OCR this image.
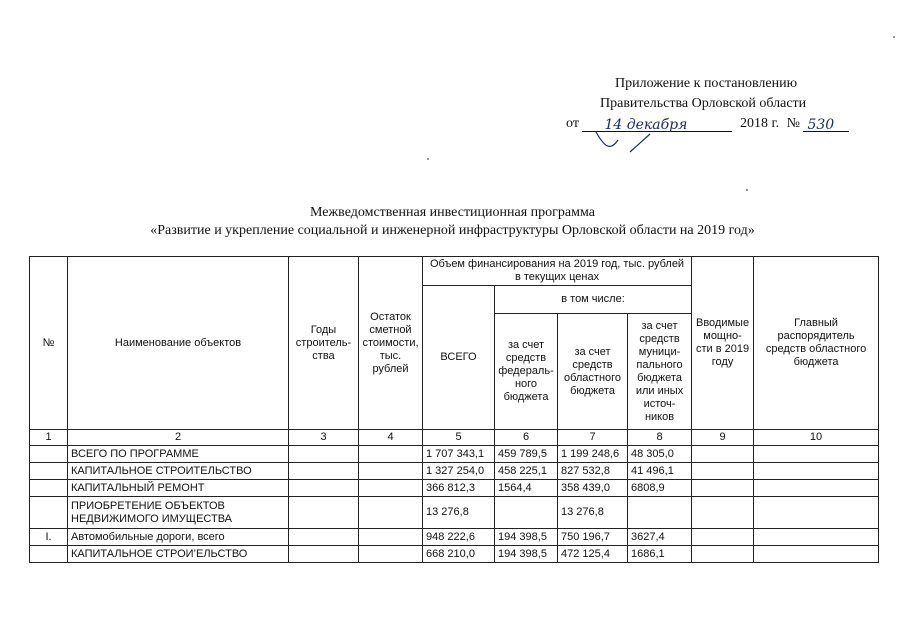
Приложение к постановлению
Правительства Орловской области
от 14 декабря	2018 г. № 530
Межведомственная инвестиционная программа
«Развитие и укрепление социальной и инженерной инфраструктуры Орловской области на 2019 год»
№	Наименование объектов	Годы строитель-ства	Остаток сметной стоимости, тыс. рублей	Объем финансирования на 2019 год, тыс. рублей в текущих ценах				Вводимые мощно-сти в 2019 году	Главный распорядитель средств областного бюджета
				ВСЕГО	в том числе:				
					за счет средств федераль-ного бюджета	за счет средств областного бюджета	за счет средств муници-пального бюджета или иных источ-ников		
1	2	3	4	5	6	7	8	9	10
	ВСЕГО ПО ПРОГРАММЕ			1 707 343,1	459 789,5	1 199 248,6	48 305,0		
	КАПИТАЛЬНОЕ СТРОИТЕЛЬСТВО			1 327 254,0	458 225,1	827 532,8	41 496,1		
	КАПИТАЛЬНЫЙ РЕМОНТ			366 812,3	1564,4	358 439,0	6808,9		
	ПРИОБРЕТЕНИЕ ОБЪЕКТОВ НЕДВИЖИМОГО ИМУЩЕСТВА			13 276,8		13 276,8			
I.	Автомобильные дороги, всего			948 222,6	194 398,5	750 196,7	3627,4		
	КАПИТАЛЬНОЕ СТРОИ’ЕЛЬСТВО			668 210,0	194 398,5	472 125,4	1686,1		
